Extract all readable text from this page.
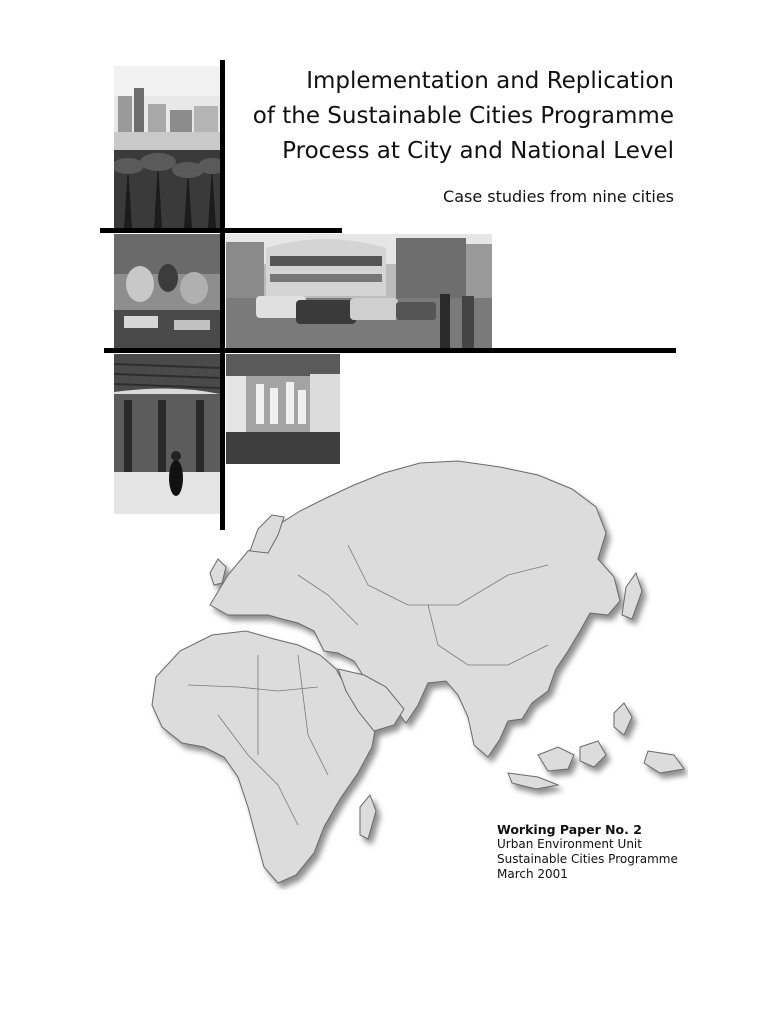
Implementation and Replication
of the Sustainable Cities Programme
Process at City and National Level
Case studies from nine cities
Working Paper No. 2
Urban Environment Unit
Sustainable Cities Programme
March 2001
